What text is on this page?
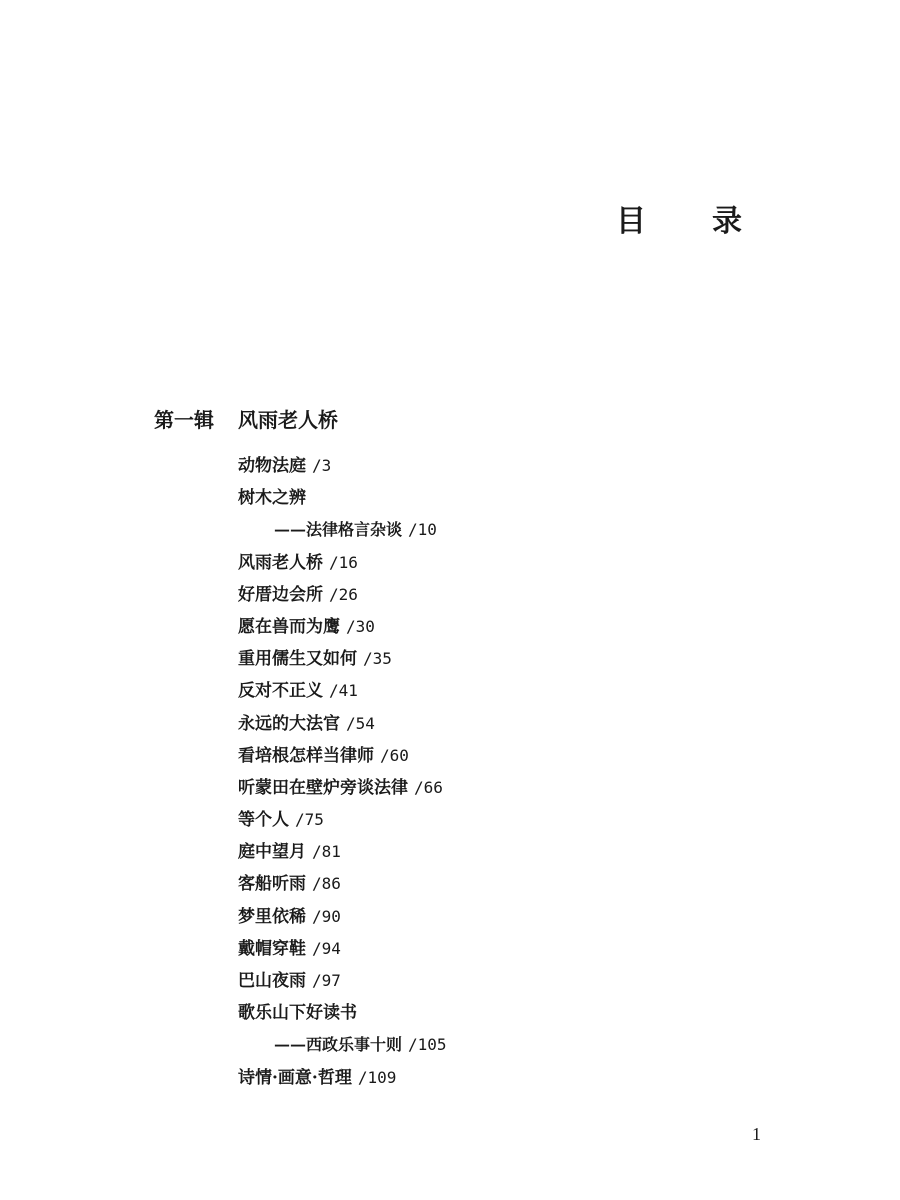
目 录
第一辑 风雨老人桥
动物法庭 /3
树木之辨
——法律格言杂谈 /10
风雨老人桥 /16
好厝边会所 /26
愿在兽而为鹰 /30
重用儒生又如何 /35
反对不正义 /41
永远的大法官 /54
看培根怎样当律师 /60
听蒙田在壁炉旁谈法律 /66
等个人 /75
庭中望月 /81
客船听雨 /86
梦里依稀 /90
戴帽穿鞋 /94
巴山夜雨 /97
歌乐山下好读书
——西政乐事十则 /105
诗情·画意·哲理 /109
1
